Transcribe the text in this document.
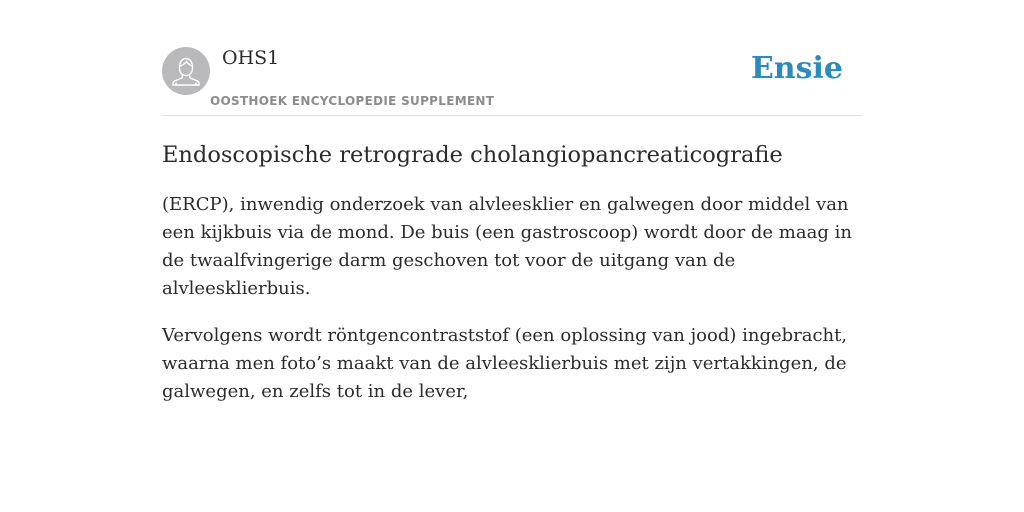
OHS1
OOSTHOEK ENCYCLOPEDIE SUPPLEMENT
Ensie
Endoscopische retrograde cholangiopancreaticografie

(ERCP), inwendig onderzoek van alvleesklier en galwegen door middel van een kijkbuis via de mond. De buis (een gastroscoop) wordt door de maag in de twaalfvingerige darm geschoven tot voor de uitgang van de alvleesklierbuis.

Vervolgens wordt röntgencontraststof (een oplossing van jood) ingebracht, waarna men foto’s maakt van de alvleesklierbuis met zijn vertakkingen, de galwegen, en zelfs tot in de lever,
